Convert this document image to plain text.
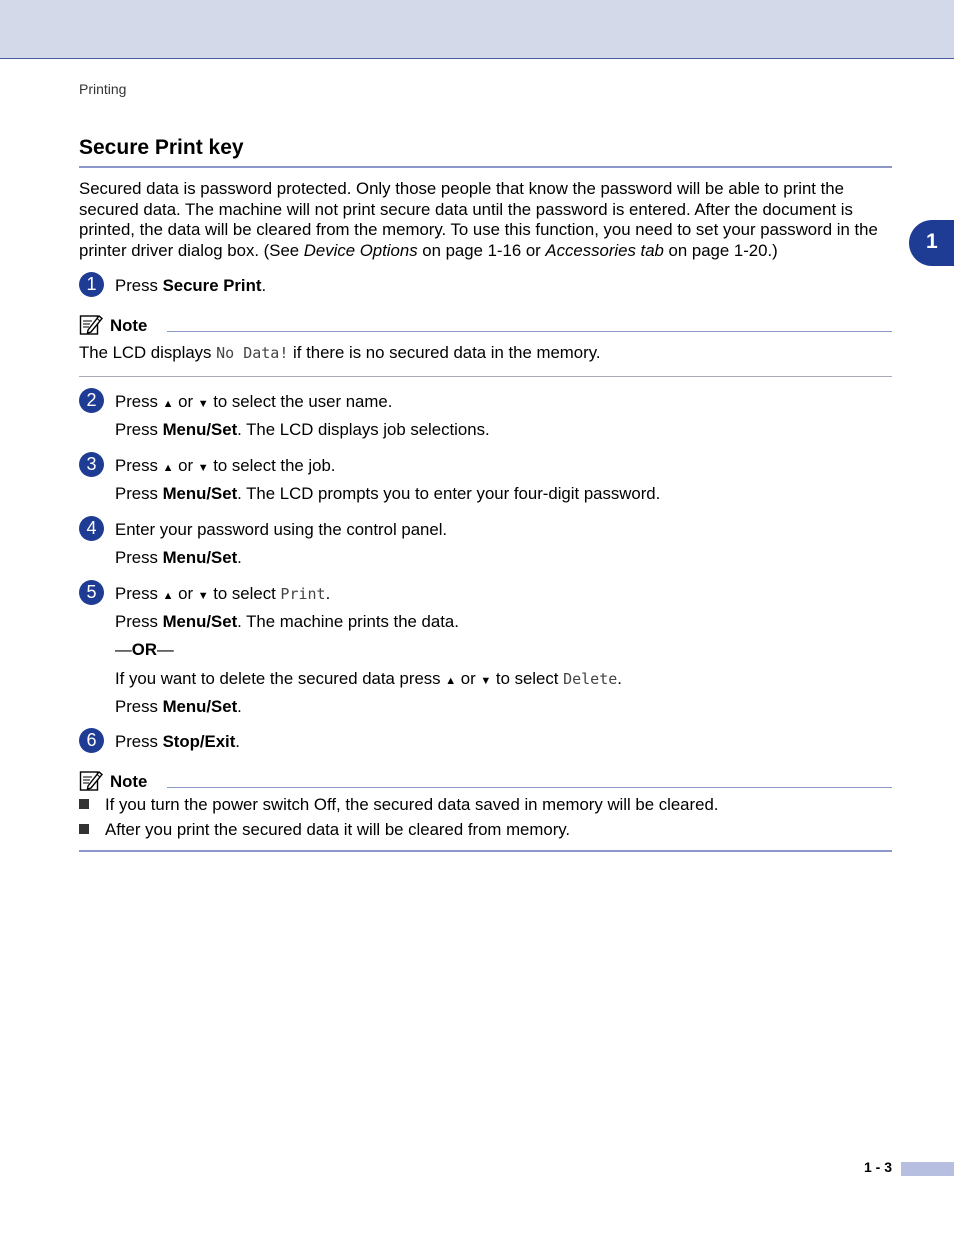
Printing
1
Secure Print key
Secured data is password protected. Only those people that know the password will be able to print the secured data. The machine will not print secure data until the password is entered. After the document is printed, the data will be cleared from the memory. To use this function, you need to set your password in the printer driver dialog box. (See Device Options on page 1-16 or Accessories tab on page 1-20.)
1	Press Secure Print.
Note
The LCD displays No Data! if there is no secured data in the memory.
2	Press ▲ or ▼ to select the user name.
Press Menu/Set. The LCD displays job selections.
3	Press ▲ or ▼ to select the job.
Press Menu/Set. The LCD prompts you to enter your four-digit password.
4	Enter your password using the control panel.
Press Menu/Set.
5	Press ▲ or ▼ to select Print.
Press Menu/Set. The machine prints the data.
—OR—
If you want to delete the secured data press ▲ or ▼ to select Delete.
Press Menu/Set.
6	Press Stop/Exit.
Note
If you turn the power switch Off, the secured data saved in memory will be cleared.
After you print the secured data it will be cleared from memory.
1 - 3
